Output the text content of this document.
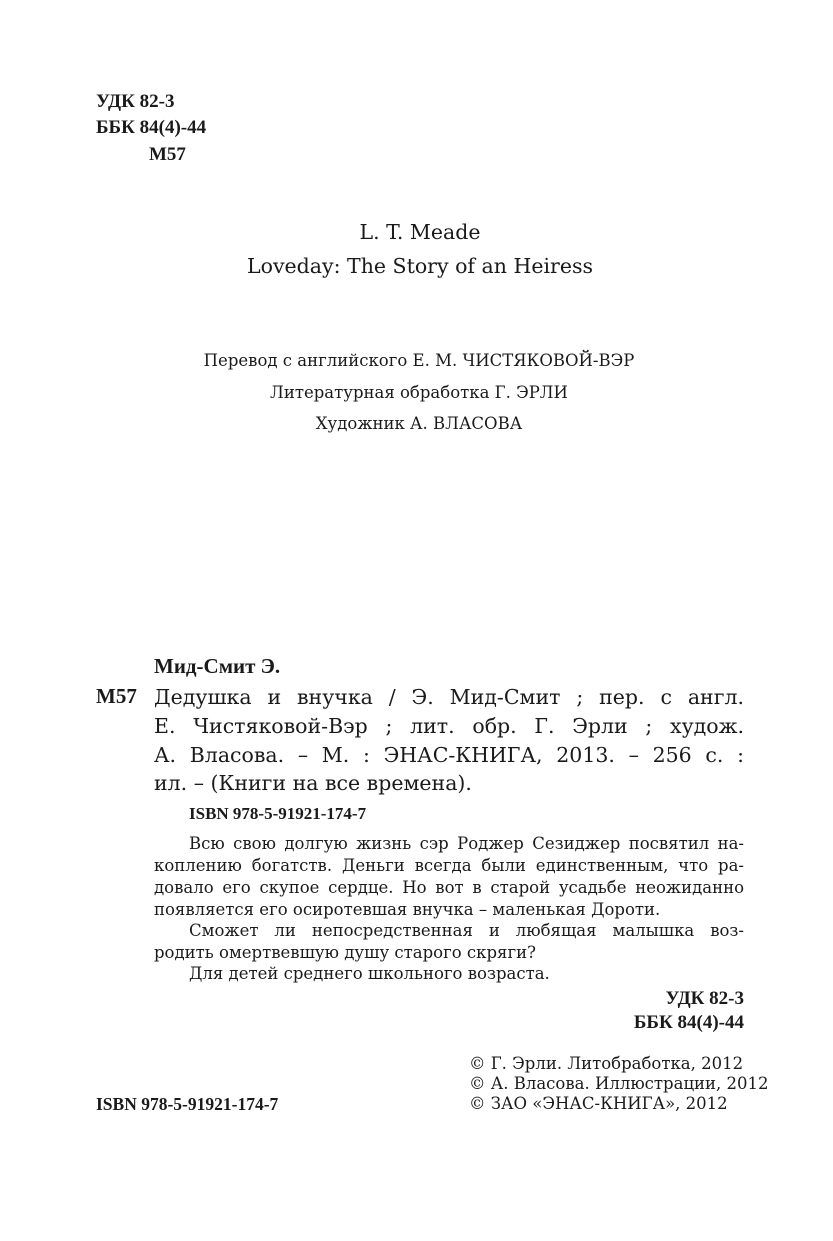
УДК 82-3
ББК 84(4)-44
М57
L. T. Meade
Loveday: The Story of an Heiress
Перевод с английского Е. М. ЧИСТЯКОВОЙ-ВЭР
Литературная обработка Г. ЭРЛИ
Художник А. ВЛАСОВА
Мид-Смит Э.
М57 Дедушка и внучка / Э. Мид-Смит ; пер. с англ.
Е. Чистяковой-Вэр ; лит. обр. Г. Эрли ; худож.
А. Власова. – М. : ЭНАС-КНИГА, 2013. – 256 с. :
ил. – (Книги на все времена).
ISBN 978-5-91921-174-7
Всю свою долгую жизнь сэр Роджер Сезиджер посвятил на-
коплению богатств. Деньги всегда были единственным, что ра-
довало его скупое сердце. Но вот в старой усадьбе неожиданно
появляется его осиротевшая внучка – маленькая Дороти.
Сможет ли непосредственная и любящая малышка воз-
родить омертвевшую душу старого скряги?
Для детей среднего школьного возраста.
УДК 82-3
ББК 84(4)-44
ISBN 978-5-91921-174-7
© Г. Эрли. Литобработка, 2012
© А. Власова. Иллюстрации, 2012
© ЗАО «ЭНАС-КНИГА», 2012
